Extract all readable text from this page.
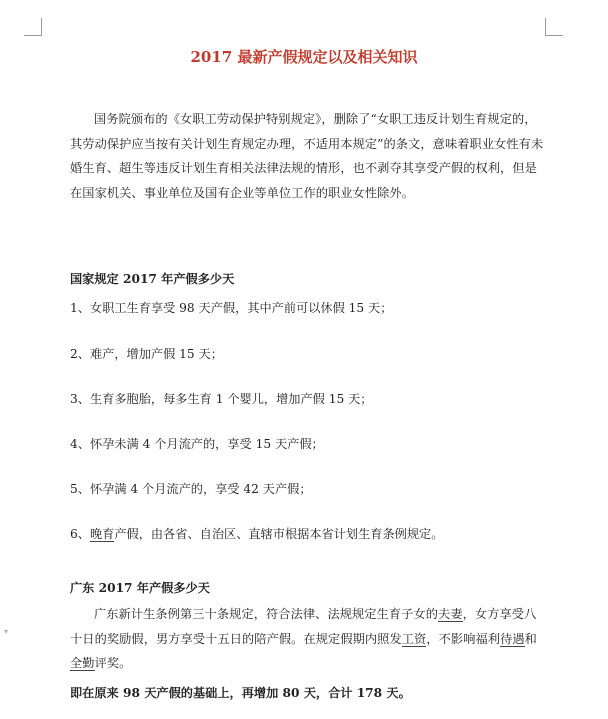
▾
2017 最新产假规定以及相关知识

国务院颁布的《女职工劳动保护特别规定》，删除了“女职工违反计划生育规定的，其劳动保护应当按有关计划生育规定办理，不适用本规定”的条文，意味着职业女性有未婚生育、超生等违反计划生育相关法律法规的情形，也不剥夺其享受产假的权利，但是在国家机关、事业单位及国有企业等单位工作的职业女性除外。

国家规定 2017 年产假多少天
1、女职工生育享受 98 天产假，其中产前可以休假 15 天；
2、难产，增加产假 15 天；
3、生育多胞胎，每多生育 1 个婴儿，增加产假 15 天；
4、怀孕未满 4 个月流产的，享受 15 天产假；
5、怀孕满 4 个月流产的，享受 42 天产假；
6、晚育产假，由各省、自治区、直辖市根据本省计划生育条例规定。
广东 2017 年产假多少天

广东新计生条例第三十条规定，符合法律、法规规定生育子女的夫妻，女方享受八十日的奖励假，男方享受十五日的陪产假。在规定假期内照发工资，不影响福利待遇和全勤评奖。

即在原来 98 天产假的基础上，再增加 80 天，合计 178 天。
